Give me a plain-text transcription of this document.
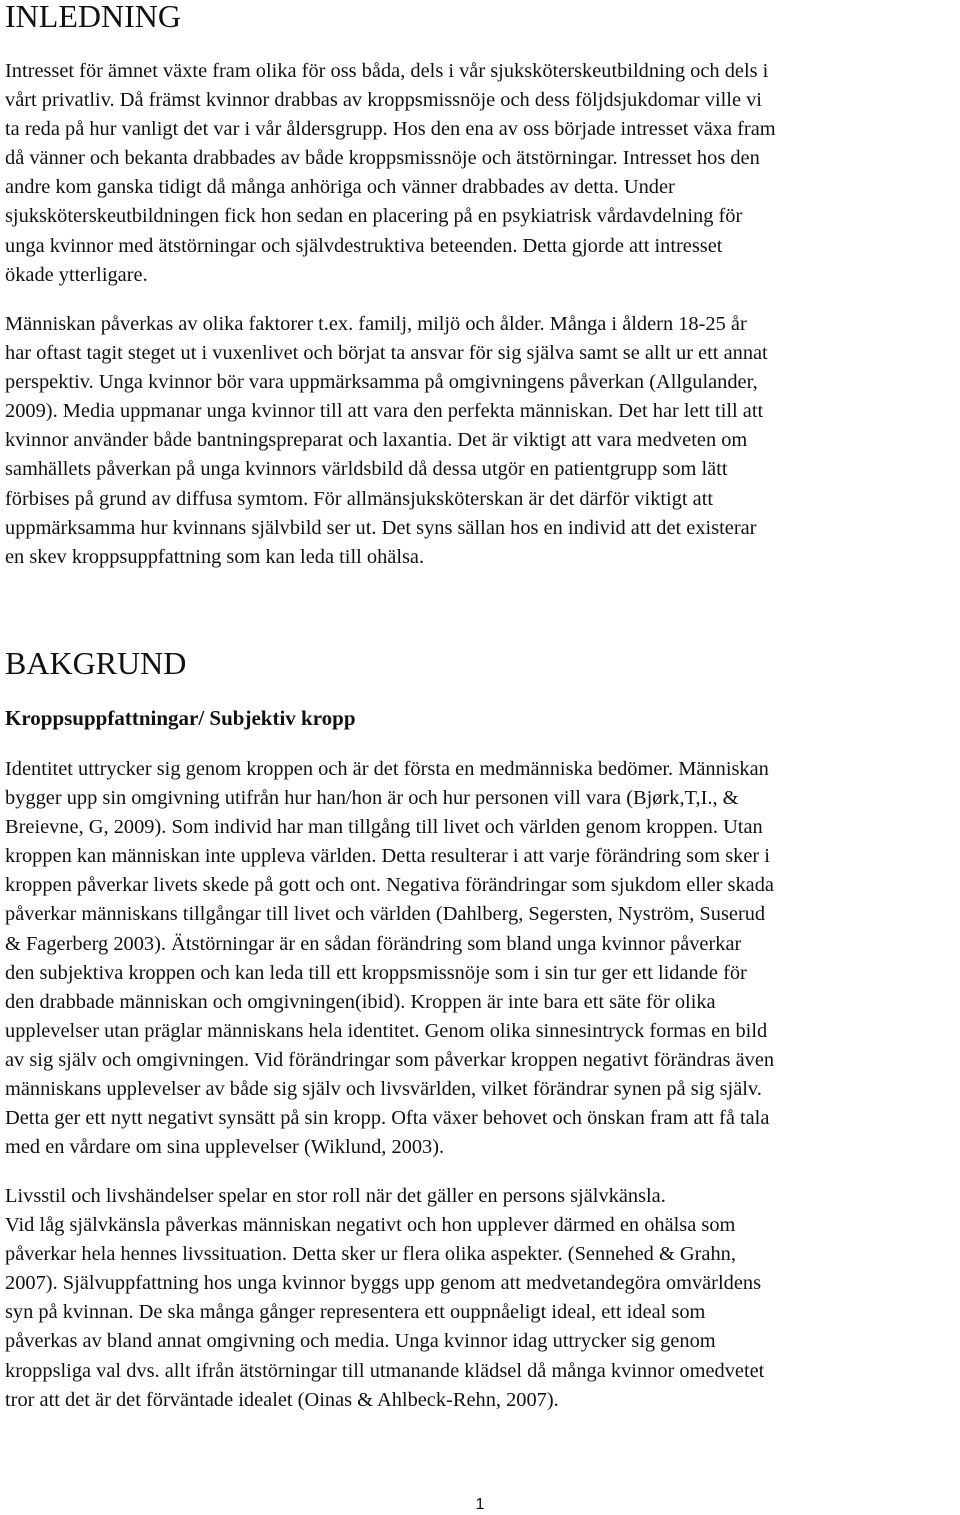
INLEDNING
Intresset för ämnet växte fram olika för oss båda, dels i vår sjuksköterskeutbildning och dels i
vårt privatliv. Då främst kvinnor drabbas av kroppsmissnöje och dess följdsjukdomar ville vi
ta reda på hur vanligt det var i vår åldersgrupp. Hos den ena av oss började intresset växa fram
då vänner och bekanta drabbades av både kroppsmissnöje och ätstörningar. Intresset hos den
andre kom ganska tidigt då många anhöriga och vänner drabbades av detta. Under
sjuksköterskeutbildningen fick hon sedan en placering på en psykiatrisk vårdavdelning för
unga kvinnor med ätstörningar och självdestruktiva beteenden. Detta gjorde att intresset
ökade ytterligare.
Människan påverkas av olika faktorer t.ex. familj, miljö och ålder. Många i åldern 18-25 år
har oftast tagit steget ut i vuxenlivet och börjat ta ansvar för sig själva samt se allt ur ett annat
perspektiv. Unga kvinnor bör vara uppmärksamma på omgivningens påverkan (Allgulander,
2009). Media uppmanar unga kvinnor till att vara den perfekta människan. Det har lett till att
kvinnor använder både bantningspreparat och laxantia. Det är viktigt att vara medveten om
samhällets påverkan på unga kvinnors världsbild då dessa utgör en patientgrupp som lätt
förbises på grund av diffusa symtom. För allmänsjuksköterskan är det därför viktigt att
uppmärksamma hur kvinnans självbild ser ut. Det syns sällan hos en individ att det existerar
en skev kroppsuppfattning som kan leda till ohälsa.
BAKGRUND
Kroppsuppfattningar/ Subjektiv kropp
Identitet uttrycker sig genom kroppen och är det första en medmänniska bedömer. Människan
bygger upp sin omgivning utifrån hur han/hon är och hur personen vill vara (Bjørk,T,I., &
Breievne, G, 2009). Som individ har man tillgång till livet och världen genom kroppen. Utan
kroppen kan människan inte uppleva världen. Detta resulterar i att varje förändring som sker i
kroppen påverkar livets skede på gott och ont. Negativa förändringar som sjukdom eller skada
påverkar människans tillgångar till livet och världen (Dahlberg, Segersten, Nyström, Suserud
& Fagerberg 2003). Ätstörningar är en sådan förändring som bland unga kvinnor påverkar
den subjektiva kroppen och kan leda till ett kroppsmissnöje som i sin tur ger ett lidande för
den drabbade människan och omgivningen(ibid). Kroppen är inte bara ett säte för olika
upplevelser utan präglar människans hela identitet. Genom olika sinnesintryck formas en bild
av sig själv och omgivningen. Vid förändringar som påverkar kroppen negativt förändras även
människans upplevelser av både sig själv och livsvärlden, vilket förändrar synen på sig själv.
Detta ger ett nytt negativt synsätt på sin kropp. Ofta växer behovet och önskan fram att få tala
med en vårdare om sina upplevelser (Wiklund, 2003).
Livsstil och livshändelser spelar en stor roll när det gäller en persons självkänsla.
Vid låg självkänsla påverkas människan negativt och hon upplever därmed en ohälsa som
påverkar hela hennes livssituation. Detta sker ur flera olika aspekter. (Sennehed & Grahn,
2007). Självuppfattning hos unga kvinnor byggs upp genom att medvetandegöra omvärldens
syn på kvinnan. De ska många gånger representera ett ouppnåeligt ideal, ett ideal som
påverkas av bland annat omgivning och media. Unga kvinnor idag uttrycker sig genom
kroppsliga val dvs. allt ifrån ätstörningar till utmanande klädsel då många kvinnor omedvetet
tror att det är det förväntade idealet (Oinas & Ahlbeck-Rehn, 2007).
1
